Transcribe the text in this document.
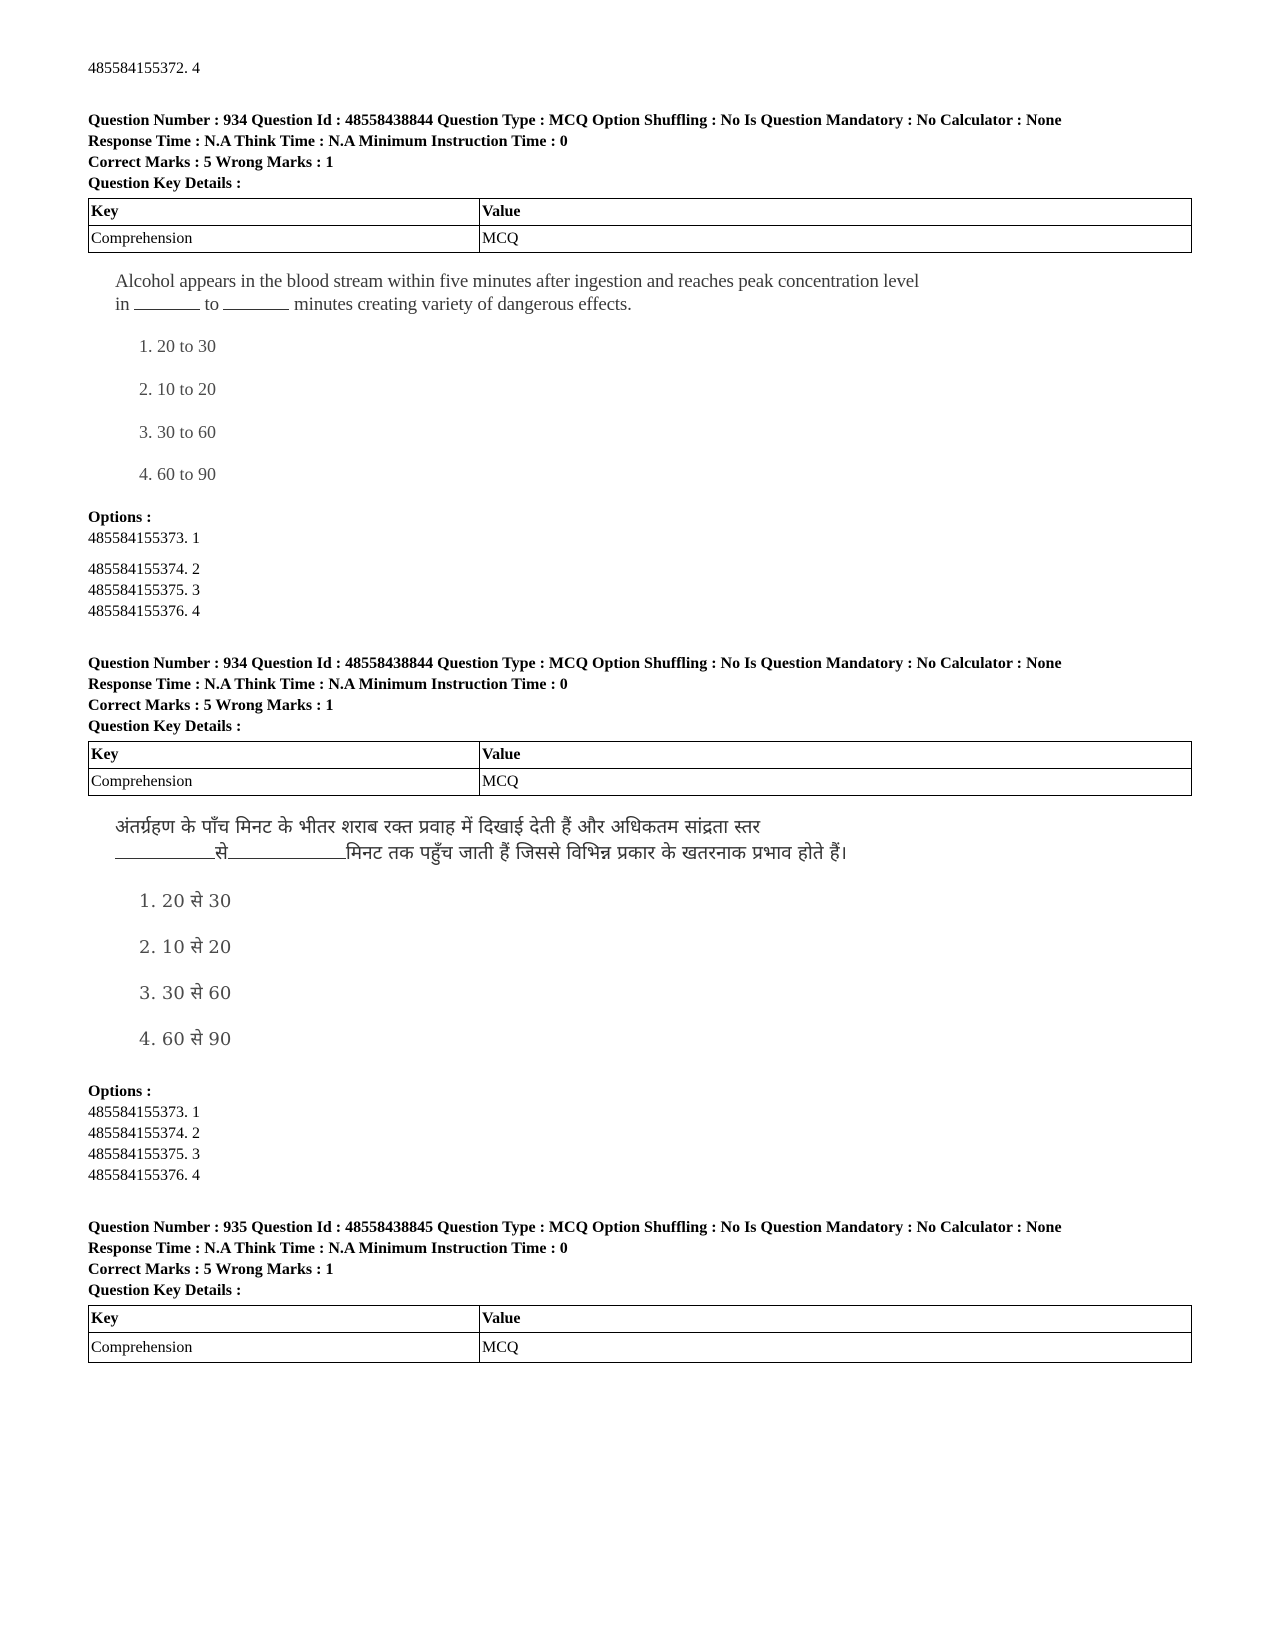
485584155372. 4
Question Number : 934 Question Id : 48558438844 Question Type : MCQ Option Shuffling : No Is Question Mandatory : No Calculator : None
Response Time : N.A Think Time : N.A Minimum Instruction Time : 0
Correct Marks : 5 Wrong Marks : 1
Question Key Details :
Key	Value
Comprehension	MCQ
Alcohol appears in the blood stream within five minutes after ingestion and reaches peak concentration level
in	to	minutes creating variety of dangerous effects.
1. 20 to 30
2. 10 to 20
3. 30 to 60
4. 60 to 90
Options :
485584155373. 1
485584155374. 2
485584155375. 3
485584155376. 4
Question Number : 934 Question Id : 48558438844 Question Type : MCQ Option Shuffling : No Is Question Mandatory : No Calculator : None
Response Time : N.A Think Time : N.A Minimum Instruction Time : 0
Correct Marks : 5 Wrong Marks : 1
Question Key Details :
Key	Value
Comprehension	MCQ
अंतर्ग्रहण के पाँच मिनट के भीतर शराब रक्त प्रवाह में दिखाई देती हैं और अधिकतम सांद्रता स्तर
से	मिनट तक पहुँच जाती हैं जिससे विभिन्न प्रकार के खतरनाक प्रभाव होते हैं।
1. 20 से 30
2. 10 से 20
3. 30 से 60
4. 60 से 90
Options :
485584155373. 1
485584155374. 2
485584155375. 3
485584155376. 4
Question Number : 935 Question Id : 48558438845 Question Type : MCQ Option Shuffling : No Is Question Mandatory : No Calculator : None
Response Time : N.A Think Time : N.A Minimum Instruction Time : 0
Correct Marks : 5 Wrong Marks : 1
Question Key Details :
Key	Value
Comprehension	MCQ
